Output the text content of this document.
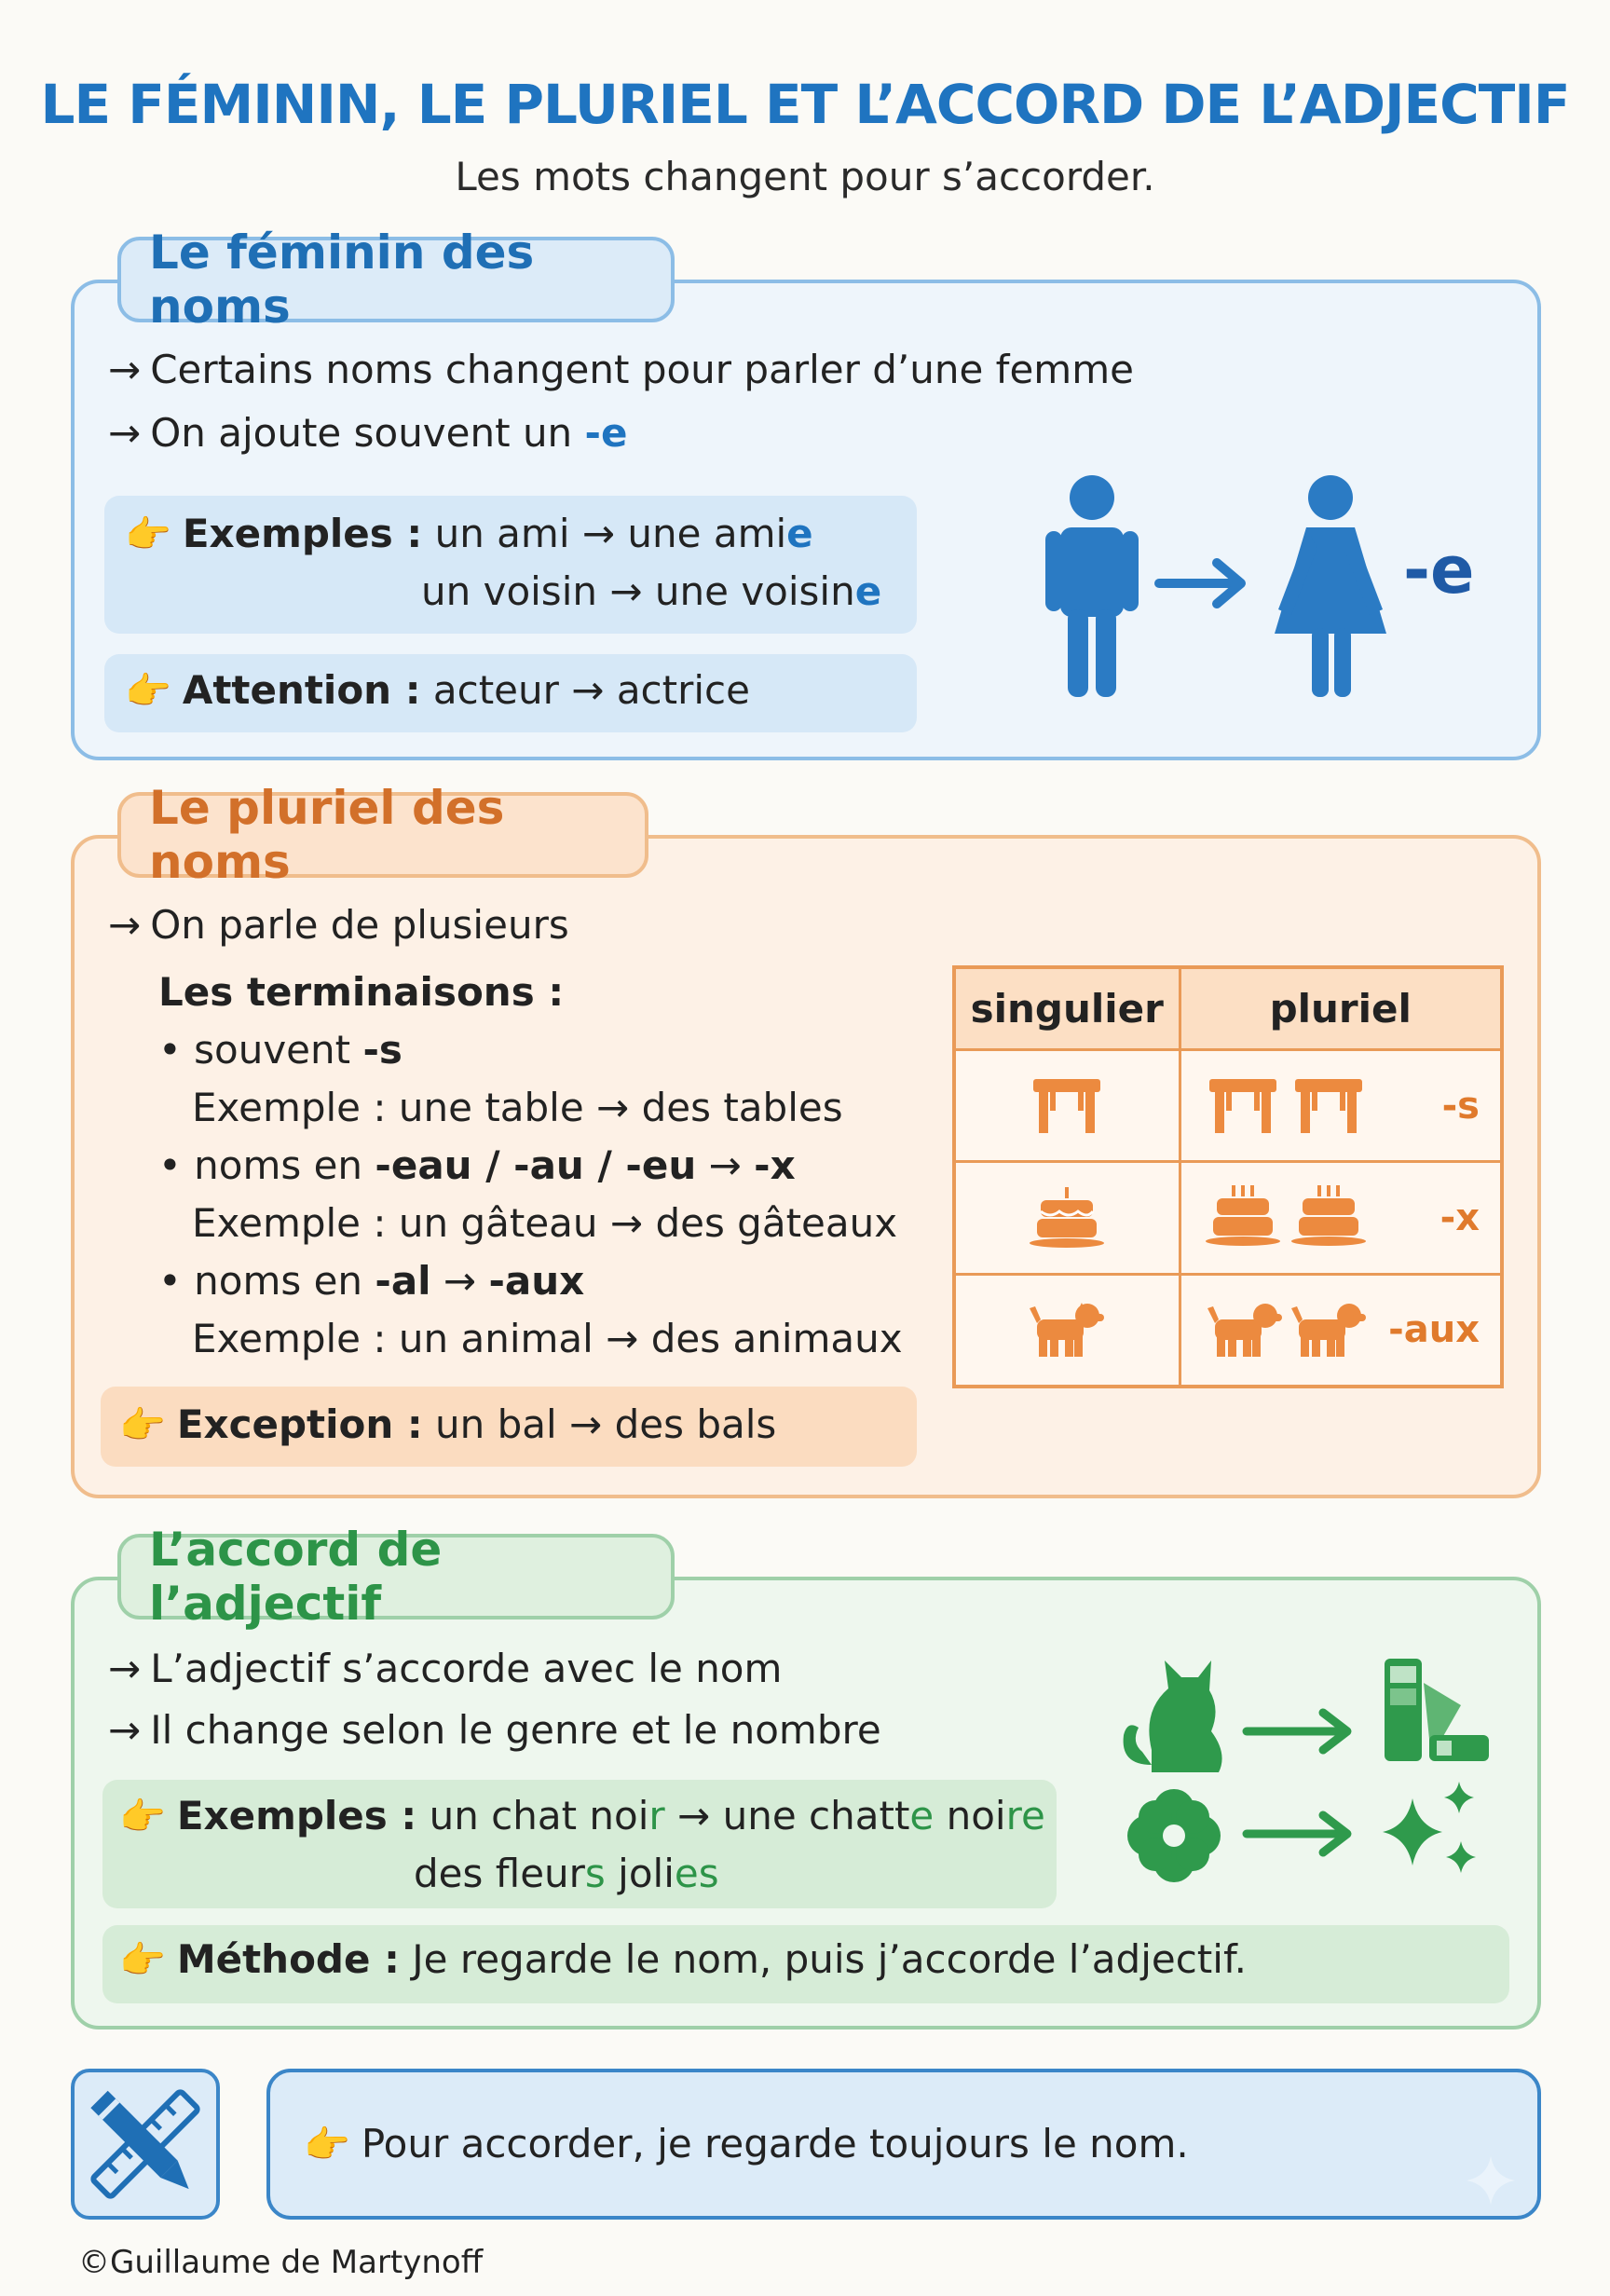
LE FÉMININ, LE PLURIEL ET L’ACCORD DE L’ADJECTIF
Les mots changent pour s’accorder.
Le féminin des noms
→ Certains noms changent pour parler d’une femme
→ On ajoute souvent un -e
👉 Exemples : un ami → une amie
un voisin → une voisine
👉 Attention : acteur → actrice
-e
Le pluriel des noms
→ On parle de plusieurs
Les terminaisons :
• souvent -s
Exemple : une table → des tables
• noms en -eau / -au / -eu → -x
Exemple : un gâteau → des gâteaux
• noms en -al → -aux
Exemple : un animal → des animaux
👉 Exception : un bal → des bals
singulier	pluriel

-s

-x

-aux
L’accord de l’adjectif
→ L’adjectif s’accorde avec le nom
→ Il change selon le genre et le nombre
👉 Exemples : un chat noir → une chatte noire
des fleurs jolies
👉 Méthode : Je regarde le nom, puis j’accorde l’adjectif.
👉 Pour accorder, je regarde toujours le nom.
©Guillaume de Martynoff
